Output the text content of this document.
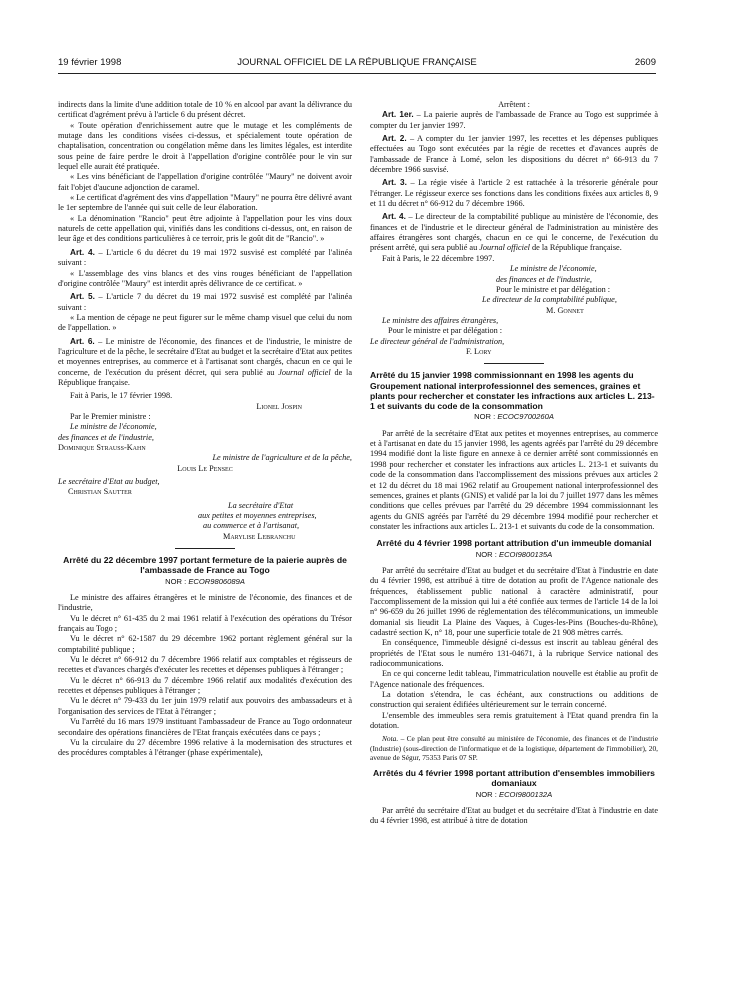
19 février 1998	JOURNAL OFFICIEL DE LA RÉPUBLIQUE FRANÇAISE	2609

indirects dans la limite d'une addition totale de 10 % en alcool par avant la délivrance du certificat d'agrément prévu à l'article 6 du présent décret.

« Toute opération d'enrichissement autre que le mutage et les compléments de mutage dans les conditions visées ci-dessus, et spécialement toute opération de chaptalisation, concentration ou congélation même dans les limites légales, est interdite sous peine de faire perdre le droit à l'appellation d'origine contrôlée pour le vin sur lequel elle aurait été pratiquée.

« Les vins bénéficiant de l'appellation d'origine contrôlée "Maury" ne doivent avoir fait l'objet d'aucune adjonction de caramel.

« Le certificat d'agrément des vins d'appellation "Maury" ne pourra être délivré avant le 1er septembre de l'année qui suit celle de leur élaboration.

« La dénomination "Rancio" peut être adjointe à l'appellation pour les vins doux naturels de cette appellation qui, vinifiés dans les conditions ci-dessus, ont, en raison de leur âge et des conditions particulières à ce terroir, pris le goût dit de "Rancio". »

Art. 4. – L'article 6 du décret du 19 mai 1972 susvisé est complété par l'alinéa suivant :

« L'assemblage des vins blancs et des vins rouges bénéficiant de l'appellation d'origine contrôlée "Maury" est interdit après délivrance de ce certificat. »

Art. 5. – L'article 7 du décret du 19 mai 1972 susvisé est complété par l'alinéa suivant :

« La mention de cépage ne peut figurer sur le même champ visuel que celui du nom de l'appellation. »

Art. 6. – Le ministre de l'économie, des finances et de l'industrie, le ministre de l'agriculture et de la pêche, le secrétaire d'Etat au budget et la secrétaire d'Etat aux petites et moyennes entreprises, au commerce et à l'artisanat sont chargés, chacun en ce qui le concerne, de l'exécution du présent décret, qui sera publié au Journal officiel de la République française.

Fait à Paris, le 17 février 1998.

Lionel Jospin

Par le Premier ministre :

Le ministre de l'économie,

des finances et de l'industrie,

Dominique Strauss-Kahn

Le ministre de l'agriculture et de la pêche,

Louis Le Pensec

Le secrétaire d'Etat au budget,

Christian Sautter

La secrétaire d'Etat

aux petites et moyennes entreprises,

au commerce et à l'artisanat,

Marylise Lebranchu

Arrêté du 22 décembre 1997 portant fermeture de la paierie auprès de l'ambassade de France au Togo

NOR : ECOR9806089A

Le ministre des affaires étrangères et le ministre de l'économie, des finances et de l'industrie,

Vu le décret n° 61-435 du 2 mai 1961 relatif à l'exécution des opérations du Trésor français au Togo ;

Vu le décret n° 62-1587 du 29 décembre 1962 portant règlement général sur la comptabilité publique ;

Vu le décret n° 66-912 du 7 décembre 1966 relatif aux comptables et régisseurs de recettes et d'avances chargés d'exécuter les recettes et dépenses publiques à l'étranger ;

Vu le décret n° 66-913 du 7 décembre 1966 relatif aux modalités d'exécution des recettes et dépenses publiques à l'étranger ;

Vu le décret n° 79-433 du 1er juin 1979 relatif aux pouvoirs des ambassadeurs et à l'organisation des services de l'Etat à l'étranger ;

Vu l'arrêté du 16 mars 1979 instituant l'ambassadeur de France au Togo ordonnateur secondaire des opérations financières de l'Etat français exécutées dans ce pays ;

Vu la circulaire du 27 décembre 1996 relative à la modernisation des structures et des procédures comptables à l'étranger (phase expérimentale),

Arrêtent :

Art. 1er. – La paierie auprès de l'ambassade de France au Togo est supprimée à compter du 1er janvier 1997.

Art. 2. – A compter du 1er janvier 1997, les recettes et les dépenses publiques effectuées au Togo sont exécutées par la régie de recettes et d'avances auprès de l'ambassade de France à Lomé, selon les dispositions du décret n° 66-913 du 7 décembre 1966 susvisé.

Art. 3. – La régie visée à l'article 2 est rattachée à la trésorerie générale pour l'étranger. Le régisseur exerce ses fonctions dans les conditions fixées aux articles 8, 9 et 11 du décret n° 66-912 du 7 décembre 1966.

Art. 4. – Le directeur de la comptabilité publique au ministère de l'économie, des finances et de l'industrie et le directeur général de l'administration au ministère des affaires étrangères sont chargés, chacun en ce qui le concerne, de l'exécution du présent arrêté, qui sera publié au Journal officiel de la République française.

Fait à Paris, le 22 décembre 1997.

Le ministre de l'économie,

des finances et de l'industrie,

Pour le ministre et par délégation :

Le directeur de la comptabilité publique,

M. Gonnet

Le ministre des affaires étrangères,

Pour le ministre et par délégation :

Le directeur général de l'administration,

F. Lory

Arrêté du 15 janvier 1998 commissionnant en 1998 les agents du Groupement national interprofessionnel des semences, graines et plants pour rechercher et constater les infractions aux articles L. 213-1 et suivants du code de la consommation

NOR : ECOC9700260A

Par arrêté de la secrétaire d'Etat aux petites et moyennes entreprises, au commerce et à l'artisanat en date du 15 janvier 1998, les agents agréés par l'arrêté du 29 décembre 1994 modifié dont la liste figure en annexe à ce dernier arrêté sont commissionnés en 1998 pour rechercher et constater les infractions aux articles L. 213-1 et suivants du code de la consommation dans l'accomplissement des missions prévues aux articles 2 et 12 du décret du 18 mai 1962 relatif au Groupement national interprofessionnel des semences, graines et plants (GNIS) et validé par la loi du 7 juillet 1977 dans les mêmes conditions que celles prévues par l'arrêté du 29 décembre 1994 commissionnant les agents du GNIS agréés par l'arrêté du 29 décembre 1994 modifié pour rechercher et constater les infractions aux articles L. 213-1 et suivants du code de la consommation.

Arrêté du 4 février 1998 portant attribution d'un immeuble domanial

NOR : ECOI9800135A

Par arrêté du secrétaire d'Etat au budget et du secrétaire d'Etat à l'industrie en date du 4 février 1998, est attribué à titre de dotation au profit de l'Agence nationale des fréquences, établissement public national à caractère administratif, pour l'accomplissement de la mission qui lui a été confiée aux termes de l'article 14 de la loi n° 96-659 du 26 juillet 1996 de réglementation des télécommunications, un immeuble domanial sis lieudit La Plaine des Vaques, à Cuges-les-Pins (Bouches-du-Rhône), cadastré section K, n° 18, pour une superficie totale de 21 908 mètres carrés.

En conséquence, l'immeuble désigné ci-dessus est inscrit au tableau général des propriétés de l'Etat sous le numéro 131-04671, à la rubrique Service national des radiocommunications.

En ce qui concerne ledit tableau, l'immatriculation nouvelle est établie au profit de l'Agence nationale des fréquences.

La dotation s'étendra, le cas échéant, aux constructions ou additions de construction qui seraient édifiées ultérieurement sur le terrain concerné.

L'ensemble des immeubles sera remis gratuitement à l'Etat quand prendra fin la dotation.

Nota. – Ce plan peut être consulté au ministère de l'économie, des finances et de l'industrie (Industrie) (sous-direction de l'informatique et de la logistique, département de l'immobilier), 20, avenue de Ségur, 75353 Paris 07 SP.

Arrêtés du 4 février 1998 portant attribution d'ensembles immobiliers domaniaux

NOR : ECOI9800132A

Par arrêté du secrétaire d'Etat au budget et du secrétaire d'Etat à l'industrie en date du 4 février 1998, est attribué à titre de dotation
